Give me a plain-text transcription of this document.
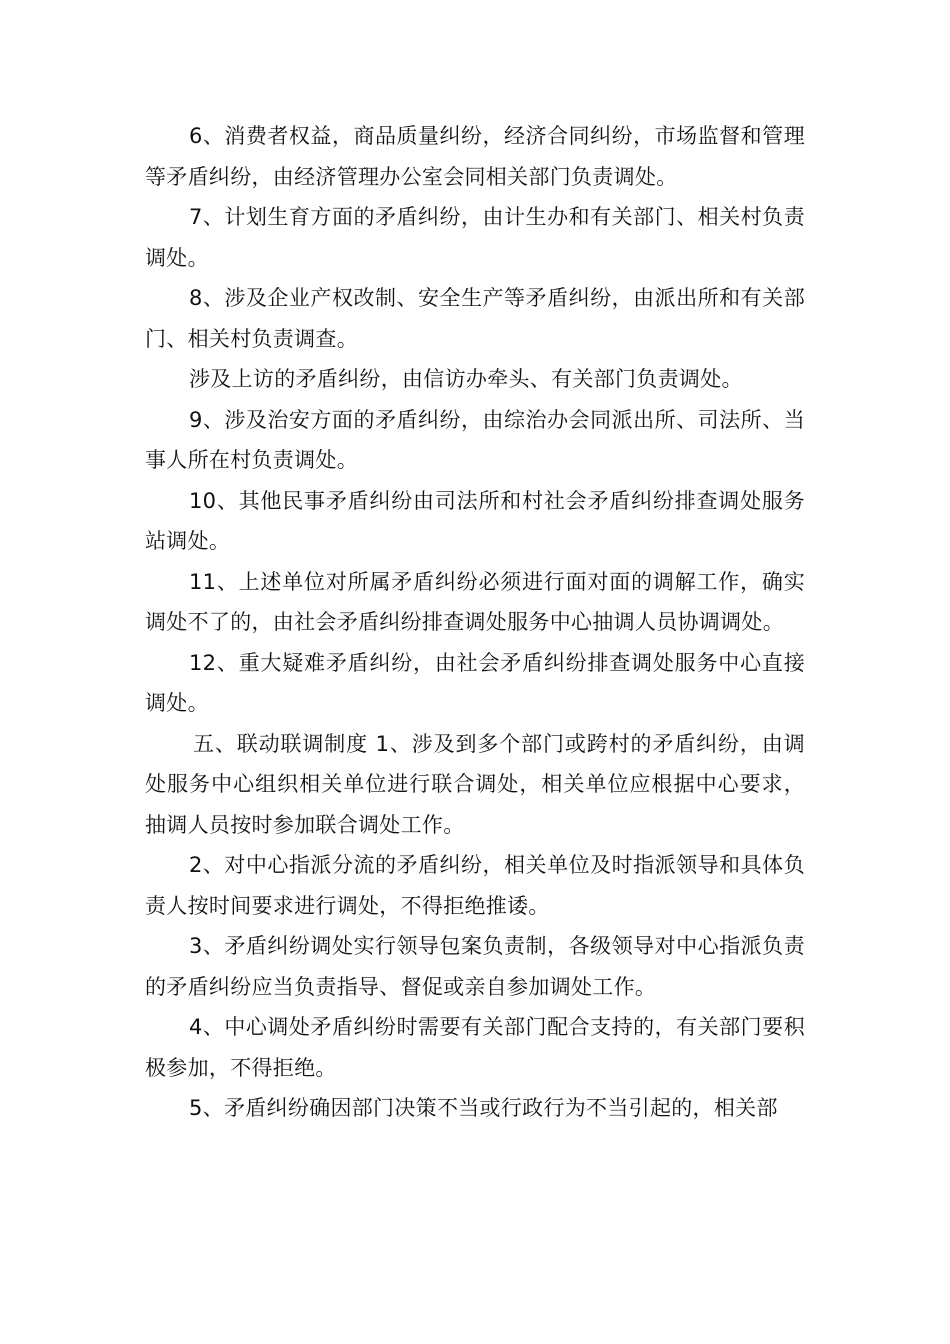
6、消费者权益，商品质量纠纷，经济合同纠纷，市场监督和管理等矛盾纠纷，由经济管理办公室会同相关部门负责调处。

7、计划生育方面的矛盾纠纷，由计生办和有关部门、相关村负责调处。

8、涉及企业产权改制、安全生产等矛盾纠纷，由派出所和有关部门、相关村负责调查。

涉及上访的矛盾纠纷，由信访办牵头、有关部门负责调处。

9、涉及治安方面的矛盾纠纷，由综治办会同派出所、司法所、当事人所在村负责调处。

10、其他民事矛盾纠纷由司法所和村社会矛盾纠纷排查调处服务站调处。

11、上述单位对所属矛盾纠纷必须进行面对面的调解工作，确实调处不了的，由社会矛盾纠纷排查调处服务中心抽调人员协调调处。

12、重大疑难矛盾纠纷，由社会矛盾纠纷排查调处服务中心直接调处。

五、联动联调制度 1、涉及到多个部门或跨村的矛盾纠纷，由调处服务中心组织相关单位进行联合调处，相关单位应根据中心要求，抽调人员按时参加联合调处工作。

2、对中心指派分流的矛盾纠纷，相关单位及时指派领导和具体负责人按时间要求进行调处，不得拒绝推诿。

3、矛盾纠纷调处实行领导包案负责制，各级领导对中心指派负责的矛盾纠纷应当负责指导、督促或亲自参加调处工作。

4、中心调处矛盾纠纷时需要有关部门配合支持的，有关部门要积极参加，不得拒绝。

5、矛盾纠纷确因部门决策不当或行政行为不当引起的，相关部
